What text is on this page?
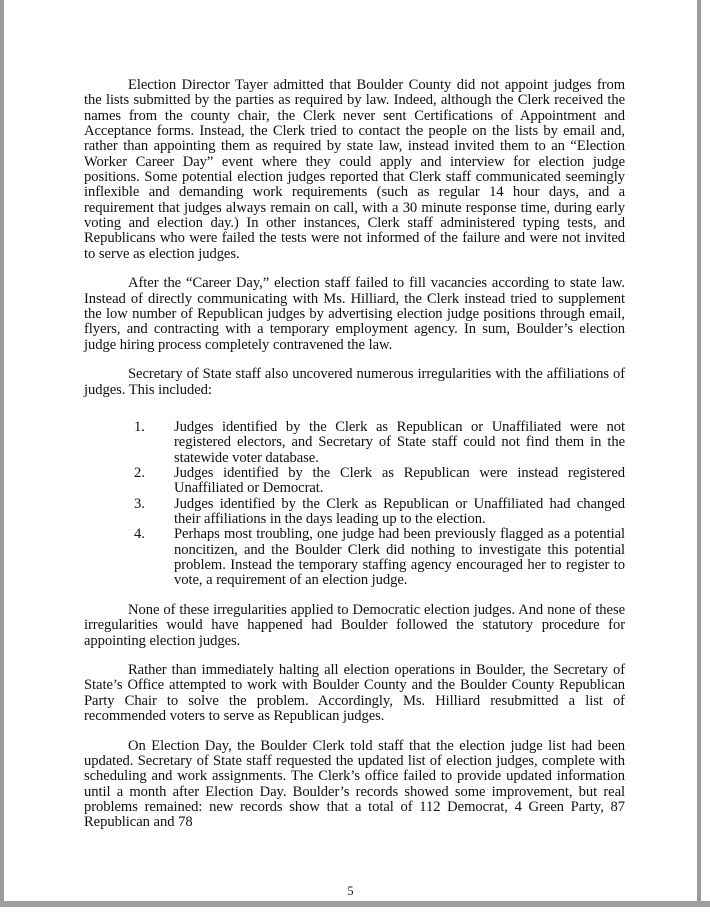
Election Director Tayer admitted that Boulder County did not appoint judges from the lists submitted by the parties as required by law. Indeed, although the Clerk received the names from the county chair, the Clerk never sent Certifications of Appointment and Acceptance forms. Instead, the Clerk tried to contact the people on the lists by email and, rather than appointing them as required by state law, instead invited them to an “Election Worker Career Day” event where they could apply and interview for election judge positions. Some potential election judges reported that Clerk staff communicated seemingly inflexible and demanding work requirements (such as regular 14 hour days, and a requirement that judges always remain on call, with a 30 minute response time, during early voting and election day.) In other instances, Clerk staff administered typing tests, and Republicans who were failed the tests were not informed of the failure and were not invited to serve as election judges.

After the “Career Day,” election staff failed to fill vacancies according to state law. Instead of directly communicating with Ms. Hilliard, the Clerk instead tried to supplement the low number of Republican judges by advertising election judge positions through email, flyers, and contracting with a temporary employment agency. In sum, Boulder’s election judge hiring process completely contravened the law.

Secretary of State staff also uncovered numerous irregularities with the affiliations of judges. This included:

1.	Judges identified by the Clerk as Republican or Unaffiliated were not registered electors, and Secretary of State staff could not find them in the statewide voter database.
2.	Judges identified by the Clerk as Republican were instead registered Unaffiliated or Democrat.
3.	Judges identified by the Clerk as Republican or Unaffiliated had changed their affiliations in the days leading up to the election.
4.	Perhaps most troubling, one judge had been previously flagged as a potential noncitizen, and the Boulder Clerk did nothing to investigate this potential problem. Instead the temporary staffing agency encouraged her to register to vote, a requirement of an election judge.

None of these irregularities applied to Democratic election judges. And none of these irregularities would have happened had Boulder followed the statutory procedure for appointing election judges.

Rather than immediately halting all election operations in Boulder, the Secretary of State’s Office attempted to work with Boulder County and the Boulder County Republican Party Chair to solve the problem. Accordingly, Ms. Hilliard resubmitted a list of recommended voters to serve as Republican judges.

On Election Day, the Boulder Clerk told staff that the election judge list had been updated. Secretary of State staff requested the updated list of election judges, complete with scheduling and work assignments. The Clerk’s office failed to provide updated information until a month after Election Day. Boulder’s records showed some improvement, but real problems remained: new records show that a total of 112 Democrat, 4 Green Party, 87 Republican and 78

5
